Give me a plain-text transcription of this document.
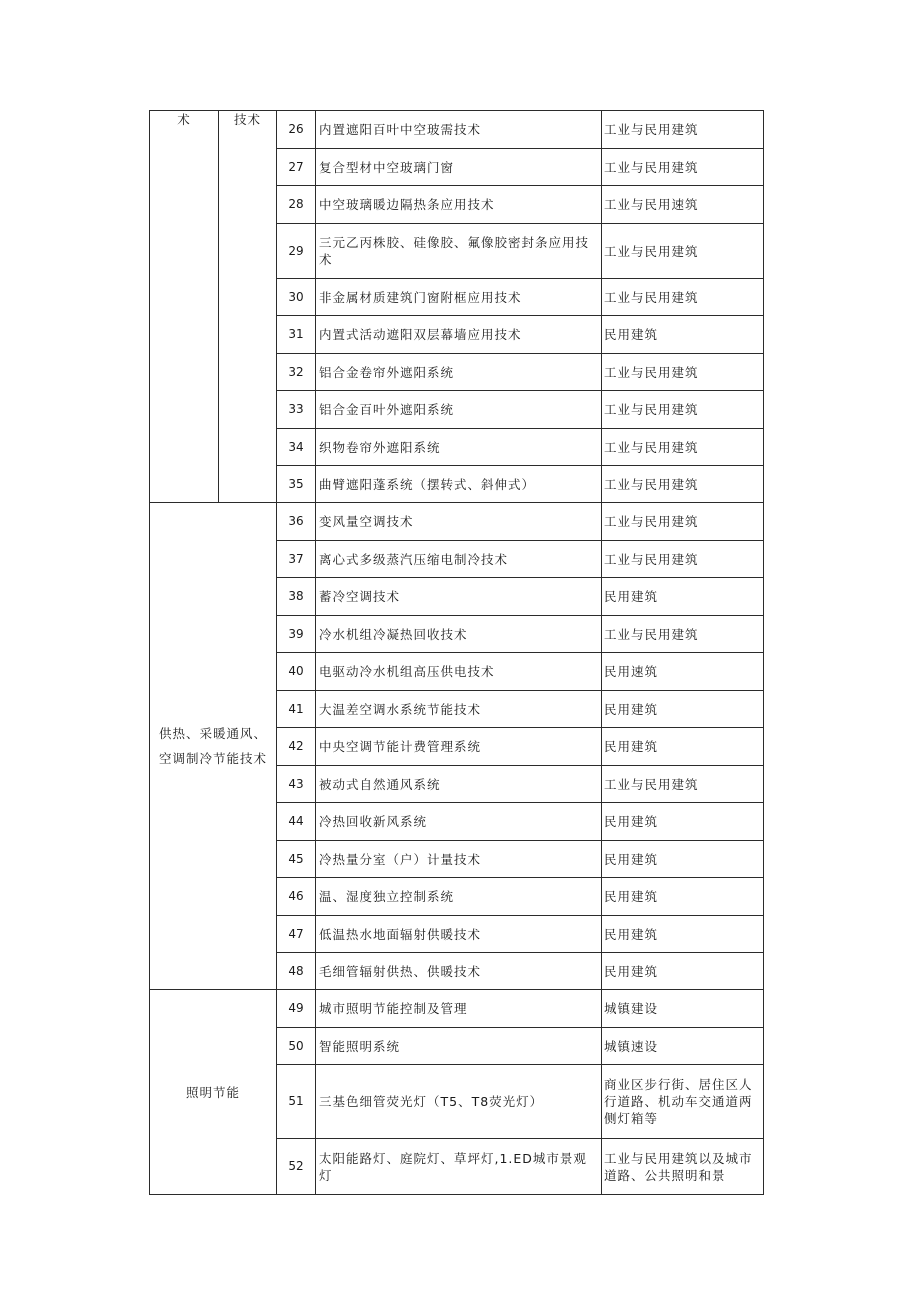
术	技术	26	内置遮阳百叶中空玻需技术	工业与民用建筑
		27	复合型材中空玻璃门窗	工业与民用建筑
		28	中空玻璃暖边隔热条应用技术	工业与民用速筑
		29	三元乙丙株胶、硅像胶、氟像胶密封条应用技术	工业与民用建筑
		30	非金属材质建筑门窗附框应用技术	工业与民用建筑
		31	内置式活动遮阳双层幕墙应用技术	民用建筑
		32	铝合金卷帘外遮阳系统	工业与民用建筑
		33	铝合金百叶外遮阳系统	工业与民用建筑
		34	织物卷帘外遮阳系统	工业与民用建筑
		35	曲臂遮阳蓬系统（摆转式、斜伸式）	工业与民用建筑
供热、采暖通风、空调制冷节能技术		36	变风量空调技术	工业与民用建筑
		37	离心式多级蒸汽压缩电制冷技术	工业与民用建筑
		38	蓄冷空调技术	民用建筑
		39	冷水机组冷凝热回收技术	工业与民用建筑
		40	电驱动冷水机组高压供电技术	民用速筑
		41	大温差空调水系统节能技术	民用建筑
		42	中央空调节能计费管理系统	民用建筑
		43	被动式自然通风系统	工业与民用建筑
		44	冷热回收新风系统	民用建筑
		45	冷热量分室（户）计量技术	民用建筑
		46	温、湿度独立控制系统	民用建筑
		47	低温热水地面辐射供暖技术	民用建筑
		48	毛细管辐射供热、供暖技术	民用建筑
照明节能		49	城市照明节能控制及管理	城镇建设
		50	智能照明系统	城镇速设
		51	三基色细管荧光灯（T5、T8荧光灯）	商业区步行街、居住区人行道路、机动车交通道两侧灯箱等
		52	太阳能路灯、庭院灯、草坪灯,1.ED城市景观灯	工业与民用建筑以及城市道路、公共照明和景
